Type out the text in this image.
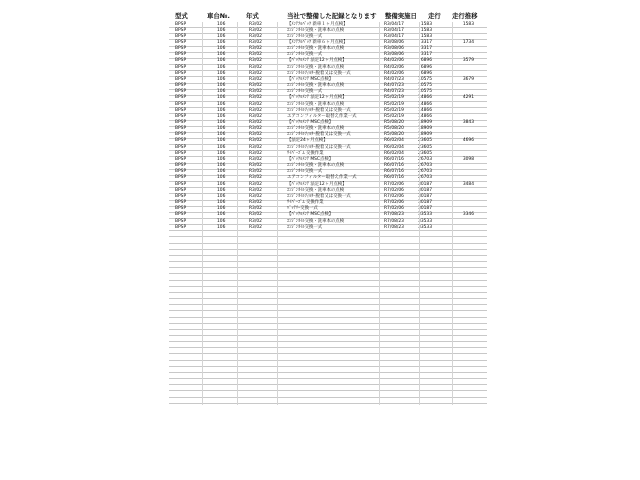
型式	車台№.	年式	当社で整備した記録となります 整備実施日 走行 走行推移
BPSP	106	R3/02	【ﾒﾝﾃﾌﾙﾊﾟｯｸ 新車１ヶ月点検】	R3/04/17	1583	1583
BPSP	106	R3/02	ｴﾝｼﾞﾝｵｲﾙ交換・洗車本の点検	R3/04/17	1583
BPSP	106	R3/02	ｴﾝｼﾞﾝｵｲﾙ交換一式	R3/04/17	1583
BPSP	106	R3/02	【ﾒﾝﾃﾌﾙﾊﾟｯｸ 新車６ヶ月点検】	R3/08/06	3317	1734
BPSP	106	R3/02	ｴﾝｼﾞﾝｵｲﾙ交換・洗車本の点検	R3/08/06	3317
BPSP	106	R3/02	ｴﾝｼﾞﾝｵｲﾙ交換一式	R3/08/06	3317
BPSP	106	R3/02	【ﾊﾟｯｸﾙﾒﾝﾃ 法定12ヶ月点検】	R4/02/06	6896	3579
BPSP	106	R3/02	ｴﾝｼﾞﾝｵｲﾙ交換・洗車本の点検	R4/02/06	6896
BPSP	106	R3/02	ｴﾝｼﾞﾝｵｲﾙﾌｨﾙﾀｰ脱着又は交換一式	R4/02/06	6896
BPSP	106	R3/02	【ﾊﾟｯｸﾙﾒﾝﾃ MSC点検】	R4/07/23	10575	3679
BPSP	106	R3/02	ｴﾝｼﾞﾝｵｲﾙ交換・洗車本の点検	R4/07/23	10575
BPSP	106	R3/02	ｴﾝｼﾞﾝｵｲﾙ交換一式	R4/07/23	10575
BPSP	106	R3/02	【ﾊﾟｯｸﾙﾒﾝﾃ 法定12ヶ月点検】	R5/02/19	14866	4291
BPSP	106	R3/02	ｴﾝｼﾞﾝｵｲﾙ交換・洗車本の点検	R5/02/19	14866
BPSP	106	R3/02	ｴﾝｼﾞﾝｵｲﾙﾌｨﾙﾀｰ脱着又は交換一式	R5/02/19	14866
BPSP	106	R3/02	エアコンフィルター取替え作業一式	R5/02/19	14866
BPSP	106	R3/02	【ﾊﾟｯｸﾙﾒﾝﾃ MSC点検】	R5/08/20	18909	3843
BPSP	106	R3/02	ｴﾝｼﾞﾝｵｲﾙ交換・洗車本の点検	R5/08/20	18909
BPSP	106	R3/02	ｴﾝｼﾞﾝｵｲﾙﾌｨﾙﾀｰ脱着又は交換一式	R5/08/20	18909
BPSP	106	R3/02	【法定24ヶ月点検】	R6/02/04	23605	4696
BPSP	106	R3/02	ｴﾝｼﾞﾝｵｲﾙﾌｨﾙﾀｰ脱着又は交換一式	R6/02/04	23605
BPSP	106	R3/02	ﾜｲﾊﾟｰｺﾞﾑ 交換作業	R6/02/04	23605
BPSP	106	R3/02	【ﾊﾟｯｸﾙﾒﾝﾃ MSC点検】	R6/07/16	26703	3098
BPSP	106	R3/02	ｴﾝｼﾞﾝｵｲﾙ交換・洗車本の点検	R6/07/16	26703
BPSP	106	R3/02	ｴﾝｼﾞﾝｵｲﾙ交換一式	R6/07/16	26703
BPSP	106	R3/02	エアコンフィルター取替え作業一式	R6/07/16	26703
BPSP	106	R3/02	【ﾊﾟｯｸﾙﾒﾝﾃ 法定12ヶ月点検】	R7/02/06	30187	3484
BPSP	106	R3/02	ｴﾝｼﾞﾝｵｲﾙ交換・洗車本の点検	R7/02/06	30187
BPSP	106	R3/02	ｴﾝｼﾞﾝｵｲﾙﾌｨﾙﾀｰ脱着又は交換一式	R7/02/06	30187
BPSP	106	R3/02	ﾜｲﾊﾟｰｺﾞﾑ 交換作業	R7/02/06	30187
BPSP	106	R3/02	ﾊﾞｯﾃﾘｰ交換一式	R7/02/06	30187
BPSP	106	R3/02	【ﾊﾟｯｸﾙﾒﾝﾃ MSC点検】	R7/08/23	33533	3346
BPSP	106	R3/02	ｴﾝｼﾞﾝｵｲﾙ交換・洗車本の点検	R7/08/23	33533
BPSP	106	R3/02	ｴﾝｼﾞﾝｵｲﾙ交換一式	R7/08/23	33533
